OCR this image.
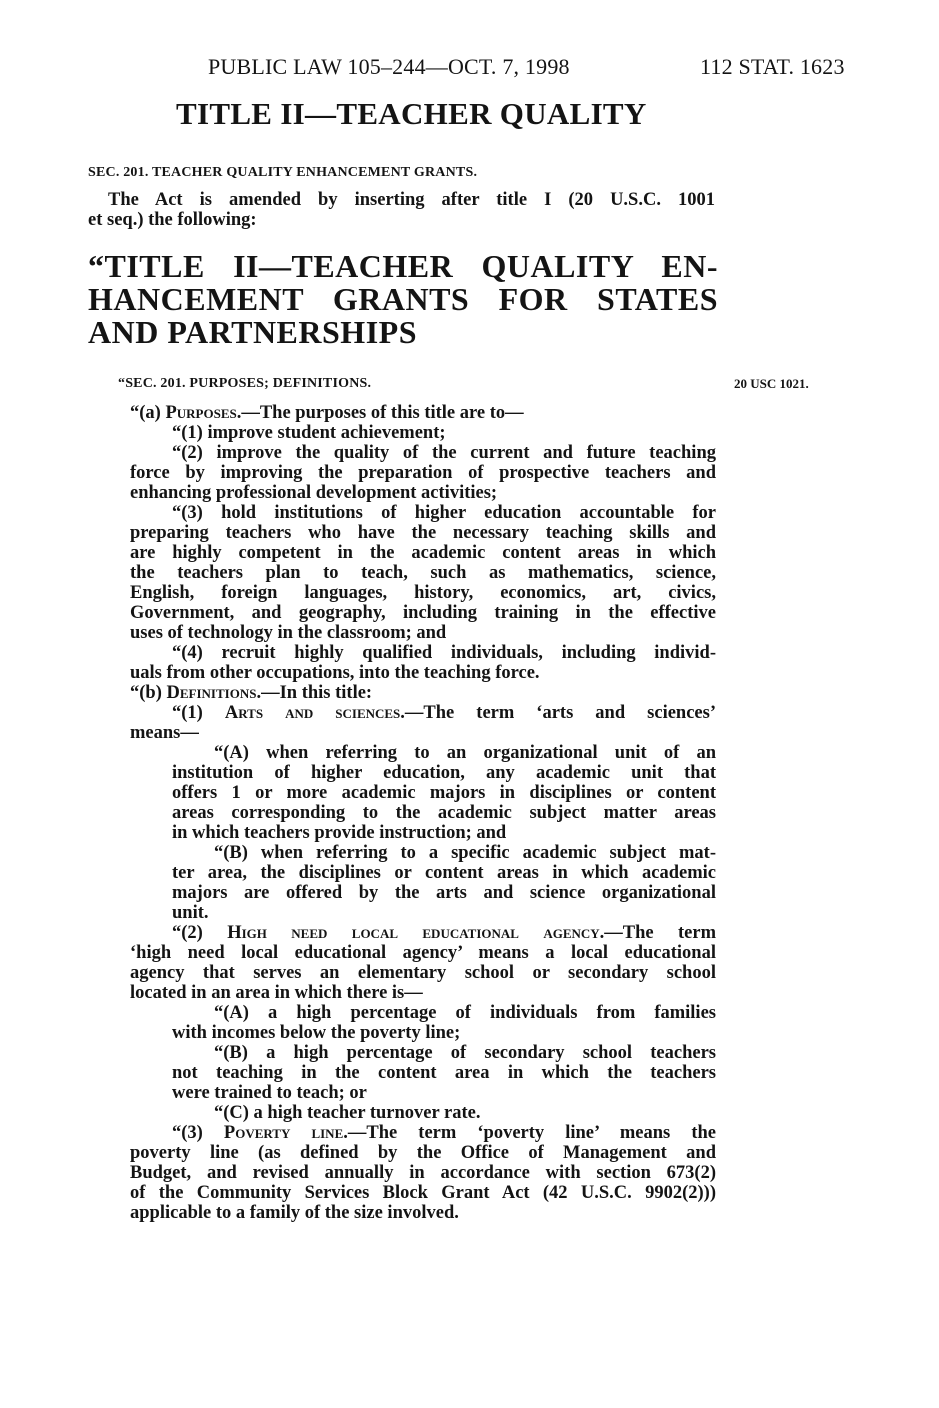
PUBLIC LAW 105–244—OCT. 7, 1998	112 STAT. 1623
TITLE II—TEACHER QUALITY
SEC. 201. TEACHER QUALITY ENHANCEMENT GRANTS.
The Act is amended by inserting after title I (20 U.S.C. 1001
et seq.) the following:
“TITLE II—TEACHER QUALITY EN-
HANCEMENT GRANTS FOR STATES
AND PARTNERSHIPS
“SEC. 201. PURPOSES; DEFINITIONS.	20 USC 1021.
“(a) Purposes.—The purposes of this title are to—
“(1) improve student achievement;
“(2) improve the quality of the current and future teaching
force by improving the preparation of prospective teachers and
enhancing professional development activities;
“(3) hold institutions of higher education accountable for
preparing teachers who have the necessary teaching skills and
are highly competent in the academic content areas in which
the teachers plan to teach, such as mathematics, science,
English, foreign languages, history, economics, art, civics,
Government, and geography, including training in the effective
uses of technology in the classroom; and
“(4) recruit highly qualified individuals, including individ-
uals from other occupations, into the teaching force.
“(b) Definitions.—In this title:
“(1) Arts and sciences.—The term ‘arts and sciences’
means—
“(A) when referring to an organizational unit of an
institution of higher education, any academic unit that
offers 1 or more academic majors in disciplines or content
areas corresponding to the academic subject matter areas
in which teachers provide instruction; and
“(B) when referring to a specific academic subject mat-
ter area, the disciplines or content areas in which academic
majors are offered by the arts and science organizational
unit.
“(2) High need local educational agency.—The term
‘high need local educational agency’ means a local educational
agency that serves an elementary school or secondary school
located in an area in which there is—
“(A) a high percentage of individuals from families
with incomes below the poverty line;
“(B) a high percentage of secondary school teachers
not teaching in the content area in which the teachers
were trained to teach; or
“(C) a high teacher turnover rate.
“(3) Poverty line.—The term ‘poverty line’ means the
poverty line (as defined by the Office of Management and
Budget, and revised annually in accordance with section 673(2)
of the Community Services Block Grant Act (42 U.S.C. 9902(2)))
applicable to a family of the size involved.
